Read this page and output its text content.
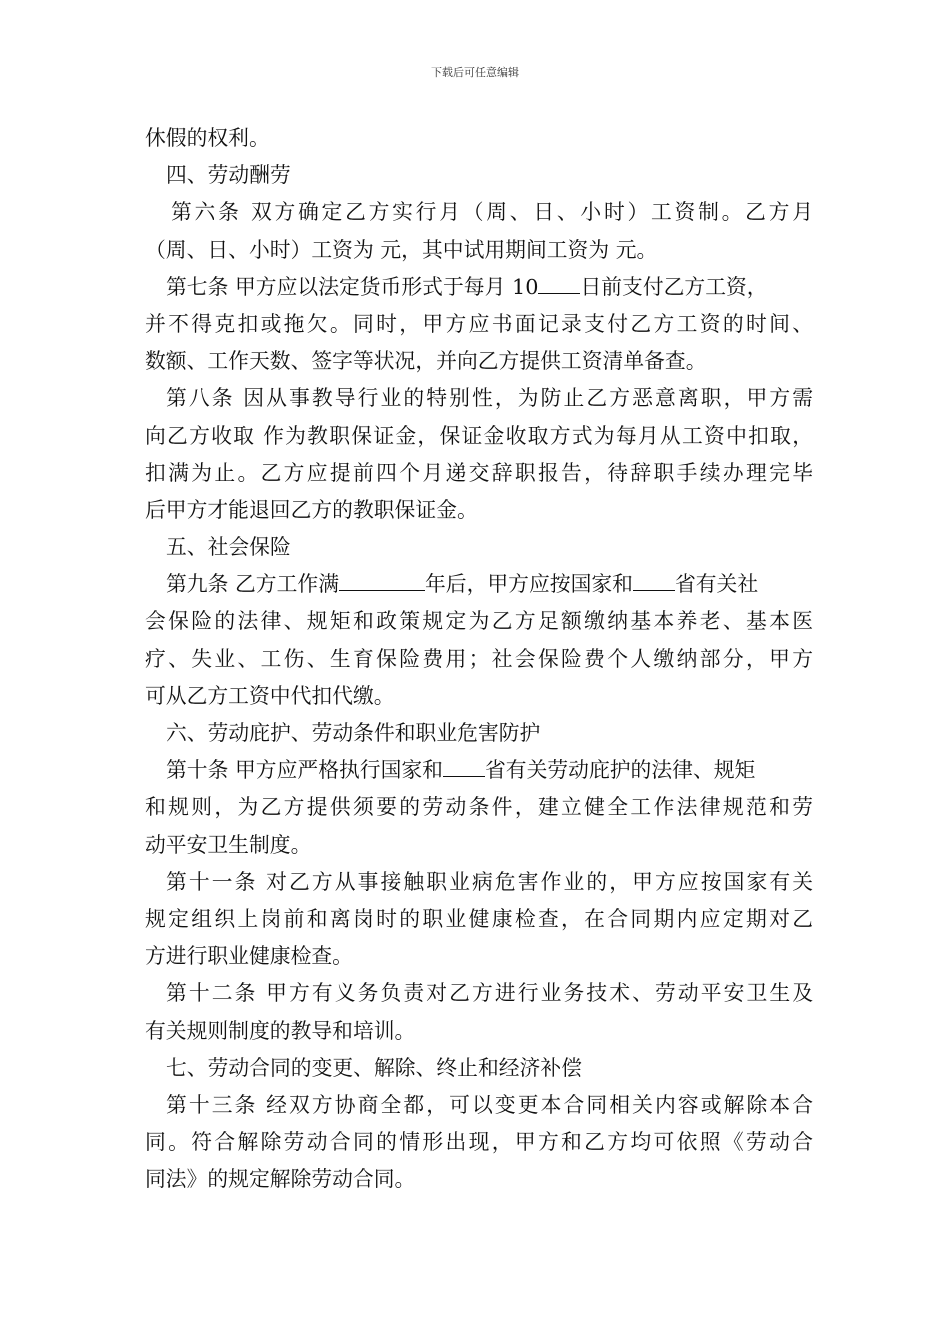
下载后可任意编辑
休假的权利。
四、劳动酬劳
第六条 双方确定乙方实行月（周、日、小时）工资制。乙方月
（周、日、小时）工资为 元，其中试用期间工资为 元。
第七条 甲方应以法定货币形式于每月 10 日前支付乙方工资，
并不得克扣或拖欠。同时，甲方应书面记录支付乙方工资的时间、
数额、工作天数、签字等状况，并向乙方提供工资清单备查。
第八条 因从事教导行业的特别性，为防止乙方恶意离职，甲方需
向乙方收取 作为教职保证金，保证金收取方式为每月从工资中扣取，
扣满为止。乙方应提前四个月递交辞职报告，待辞职手续办理完毕
后甲方才能退回乙方的教职保证金。
五、社会保险
第九条 乙方工作满	年后，甲方应按国家和 省有关社
会保险的法律、规矩和政策规定为乙方足额缴纳基本养老、基本医
疗、失业、工伤、生育保险费用；社会保险费个人缴纳部分，甲方
可从乙方工资中代扣代缴。
六、劳动庇护、劳动条件和职业危害防护
第十条 甲方应严格执行国家和 省有关劳动庇护的法律、规矩
和规则，为乙方提供须要的劳动条件，建立健全工作法律规范和劳
动平安卫生制度。
第十一条 对乙方从事接触职业病危害作业的，甲方应按国家有关
规定组织上岗前和离岗时的职业健康检查，在合同期内应定期对乙
方进行职业健康检查。
第十二条 甲方有义务负责对乙方进行业务技术、劳动平安卫生及
有关规则制度的教导和培训。
七、劳动合同的变更、解除、终止和经济补偿
第十三条 经双方协商全都，可以变更本合同相关内容或解除本合
同。符合解除劳动合同的情形出现，甲方和乙方均可依照《劳动合
同法》的规定解除劳动合同。
